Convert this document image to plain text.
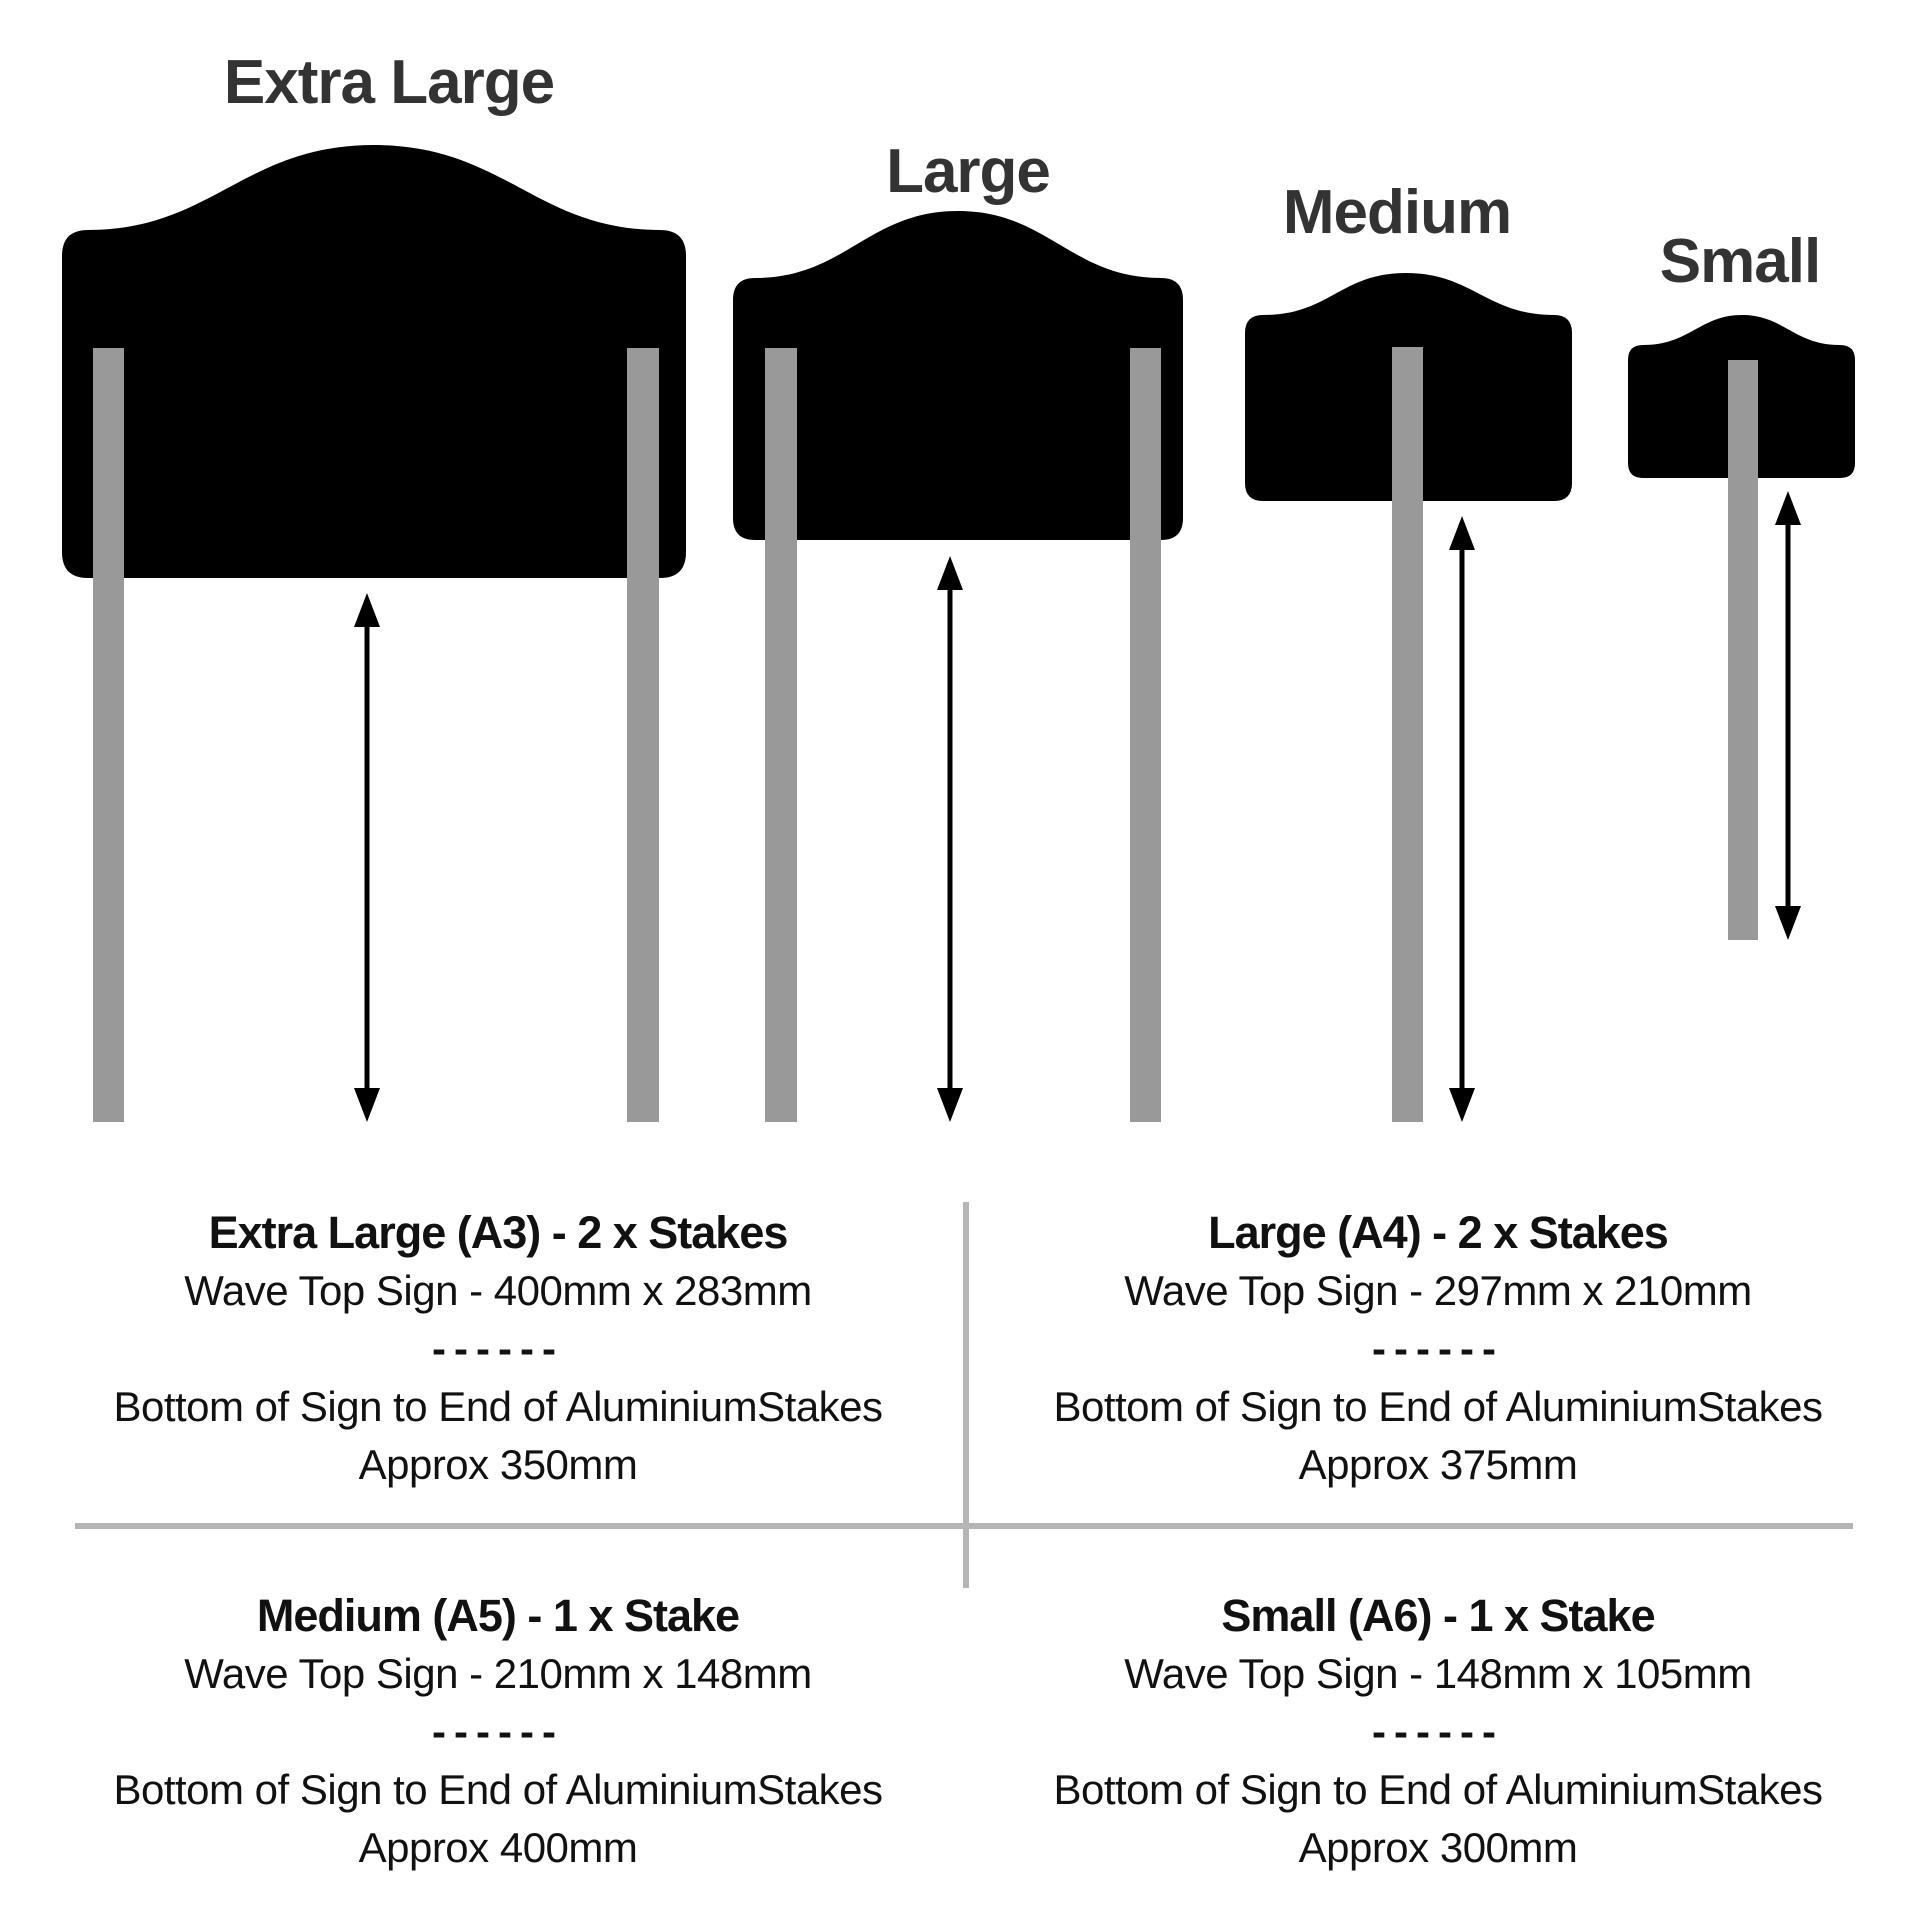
Extra Large
Large
Medium
Small
Extra Large (A3) - 2 x Stakes
Wave Top Sign - 400mm x 283mm
------
Bottom of Sign to End of AluminiumStakes
Approx 350mm
Large (A4) - 2 x Stakes
Wave Top Sign - 297mm x 210mm
------
Bottom of Sign to End of AluminiumStakes
Approx 375mm
Medium (A5) - 1 x Stake
Wave Top Sign - 210mm x 148mm
------
Bottom of Sign to End of AluminiumStakes
Approx 400mm
Small (A6) - 1 x Stake
Wave Top Sign - 148mm x 105mm
------
Bottom of Sign to End of AluminiumStakes
Approx 300mm
